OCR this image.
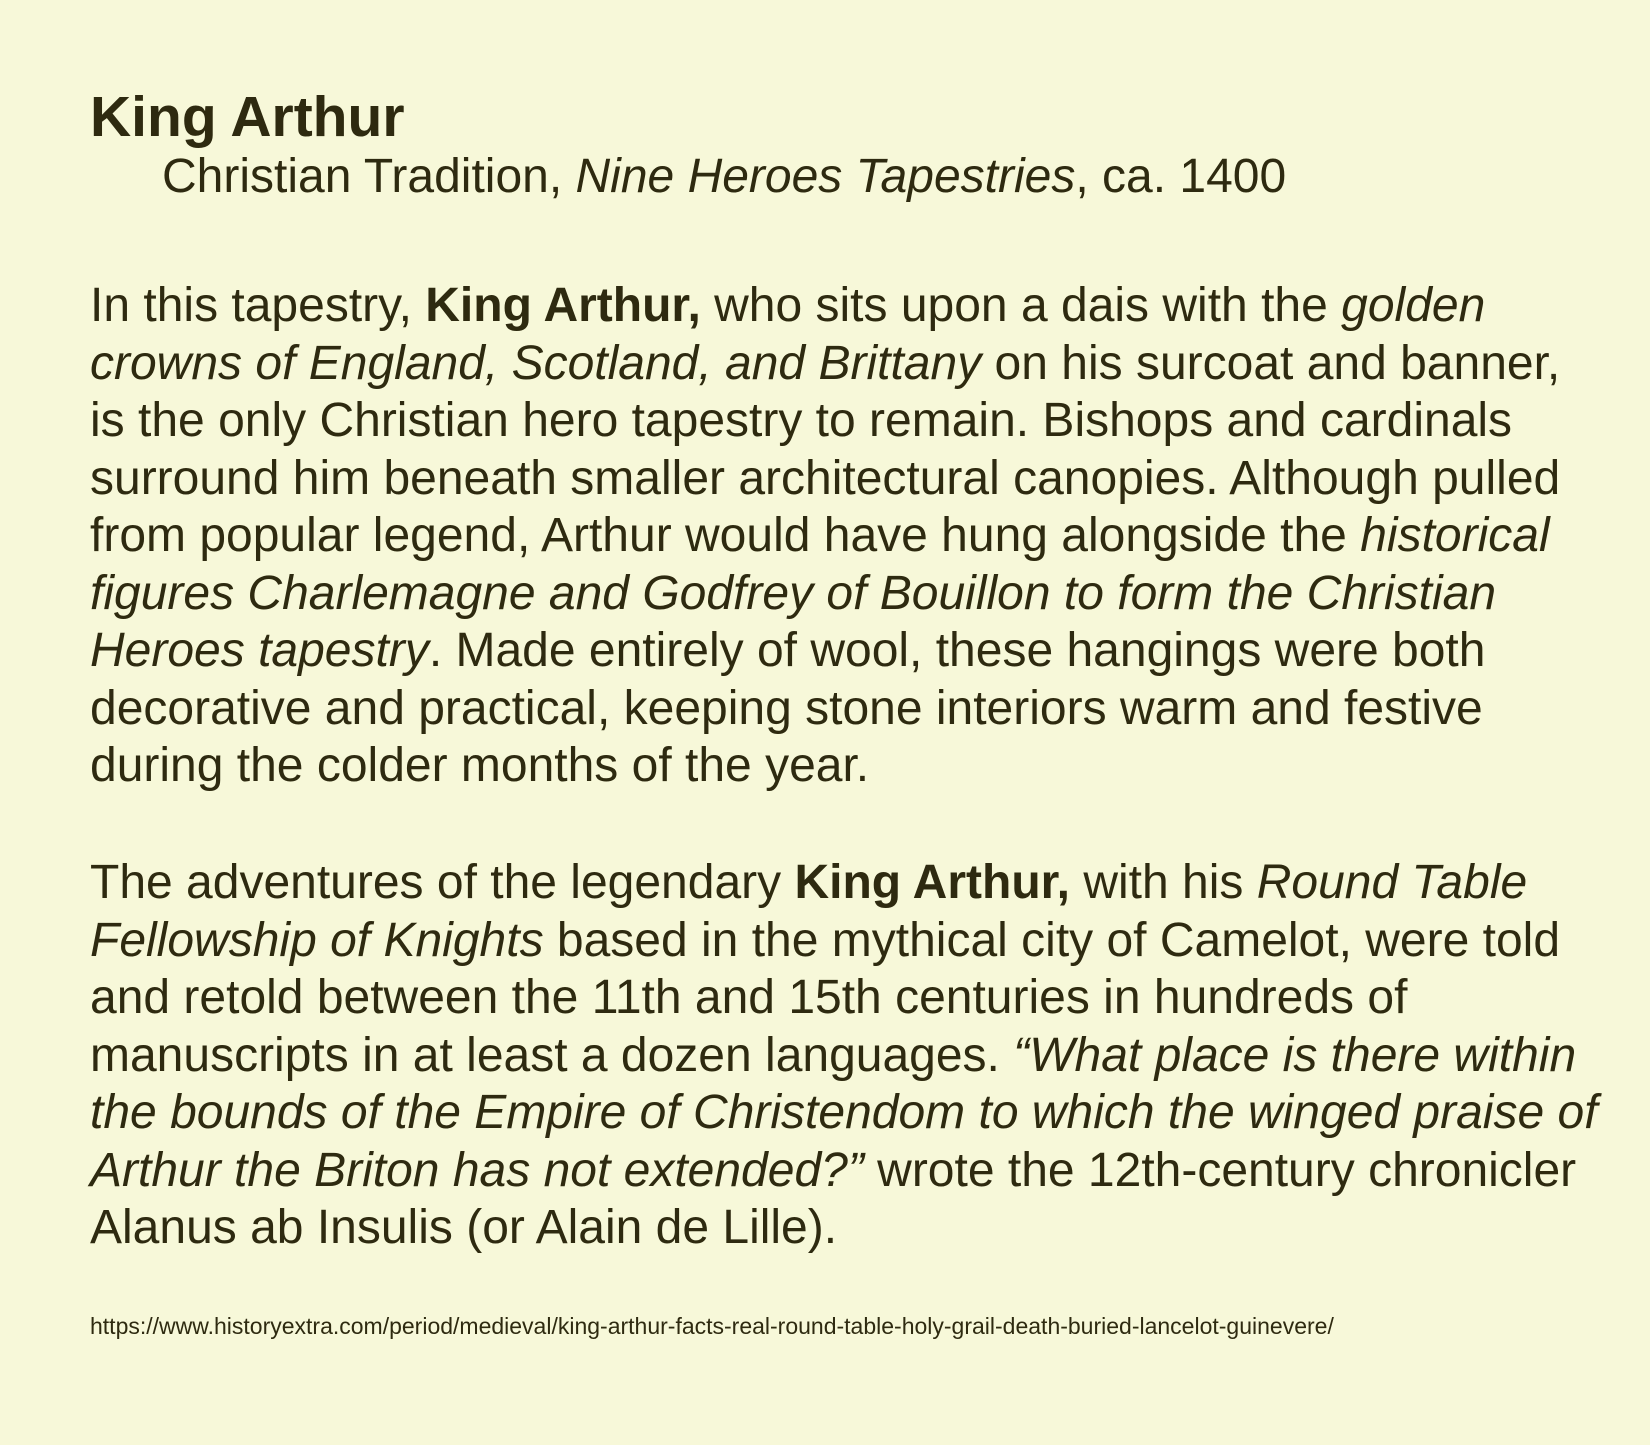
King Arthur

Christian Tradition, Nine Heroes Tapestries, ca. 1400

In this tapestry, King Arthur, who sits upon a dais with the golden crowns of England, Scotland, and Brittany on his surcoat and banner, is the only Christian hero tapestry to remain. Bishops and cardinals surround him beneath smaller architectural canopies. Although pulled from popular legend, Arthur would have hung alongside the historical figures Charlemagne and Godfrey of Bouillon to form the Christian Heroes tapestry. Made entirely of wool, these hangings were both decorative and practical, keeping stone interiors warm and festive during the colder months of the year.

The adventures of the legendary King Arthur, with his Round Table Fellowship of Knights based in the mythical city of Camelot, were told and retold between the 11th and 15th centuries in hundreds of manuscripts in at least a dozen languages. “What place is there within the bounds of the Empire of Christendom to which the winged praise of Arthur the Briton has not extended?” wrote the 12th-century chronicler Alanus ab Insulis (or Alain de Lille).

https://www.historyextra.com/period/medieval/king-arthur-facts-real-round-table-holy-grail-death-buried-lancelot-guinevere/
